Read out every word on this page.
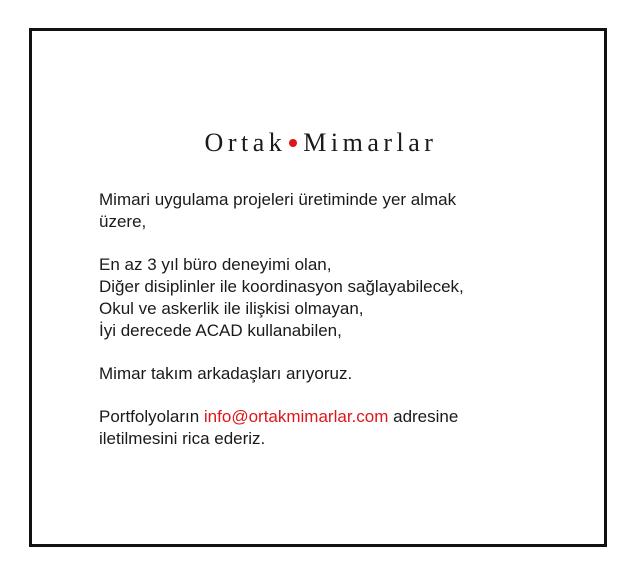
Ortak Mimarlar
Mimari uygulama projeleri üretiminde yer almak
üzere,
En az 3 yıl büro deneyimi olan,
Diğer disiplinler ile koordinasyon sağlayabilecek,
Okul ve askerlik ile ilişkisi olmayan,
İyi derecede ACAD kullanabilen,
Mimar takım arkadaşları arıyoruz.
Portfolyoların info@ortakmimarlar.com adresine
iletilmesini rica ederiz.
